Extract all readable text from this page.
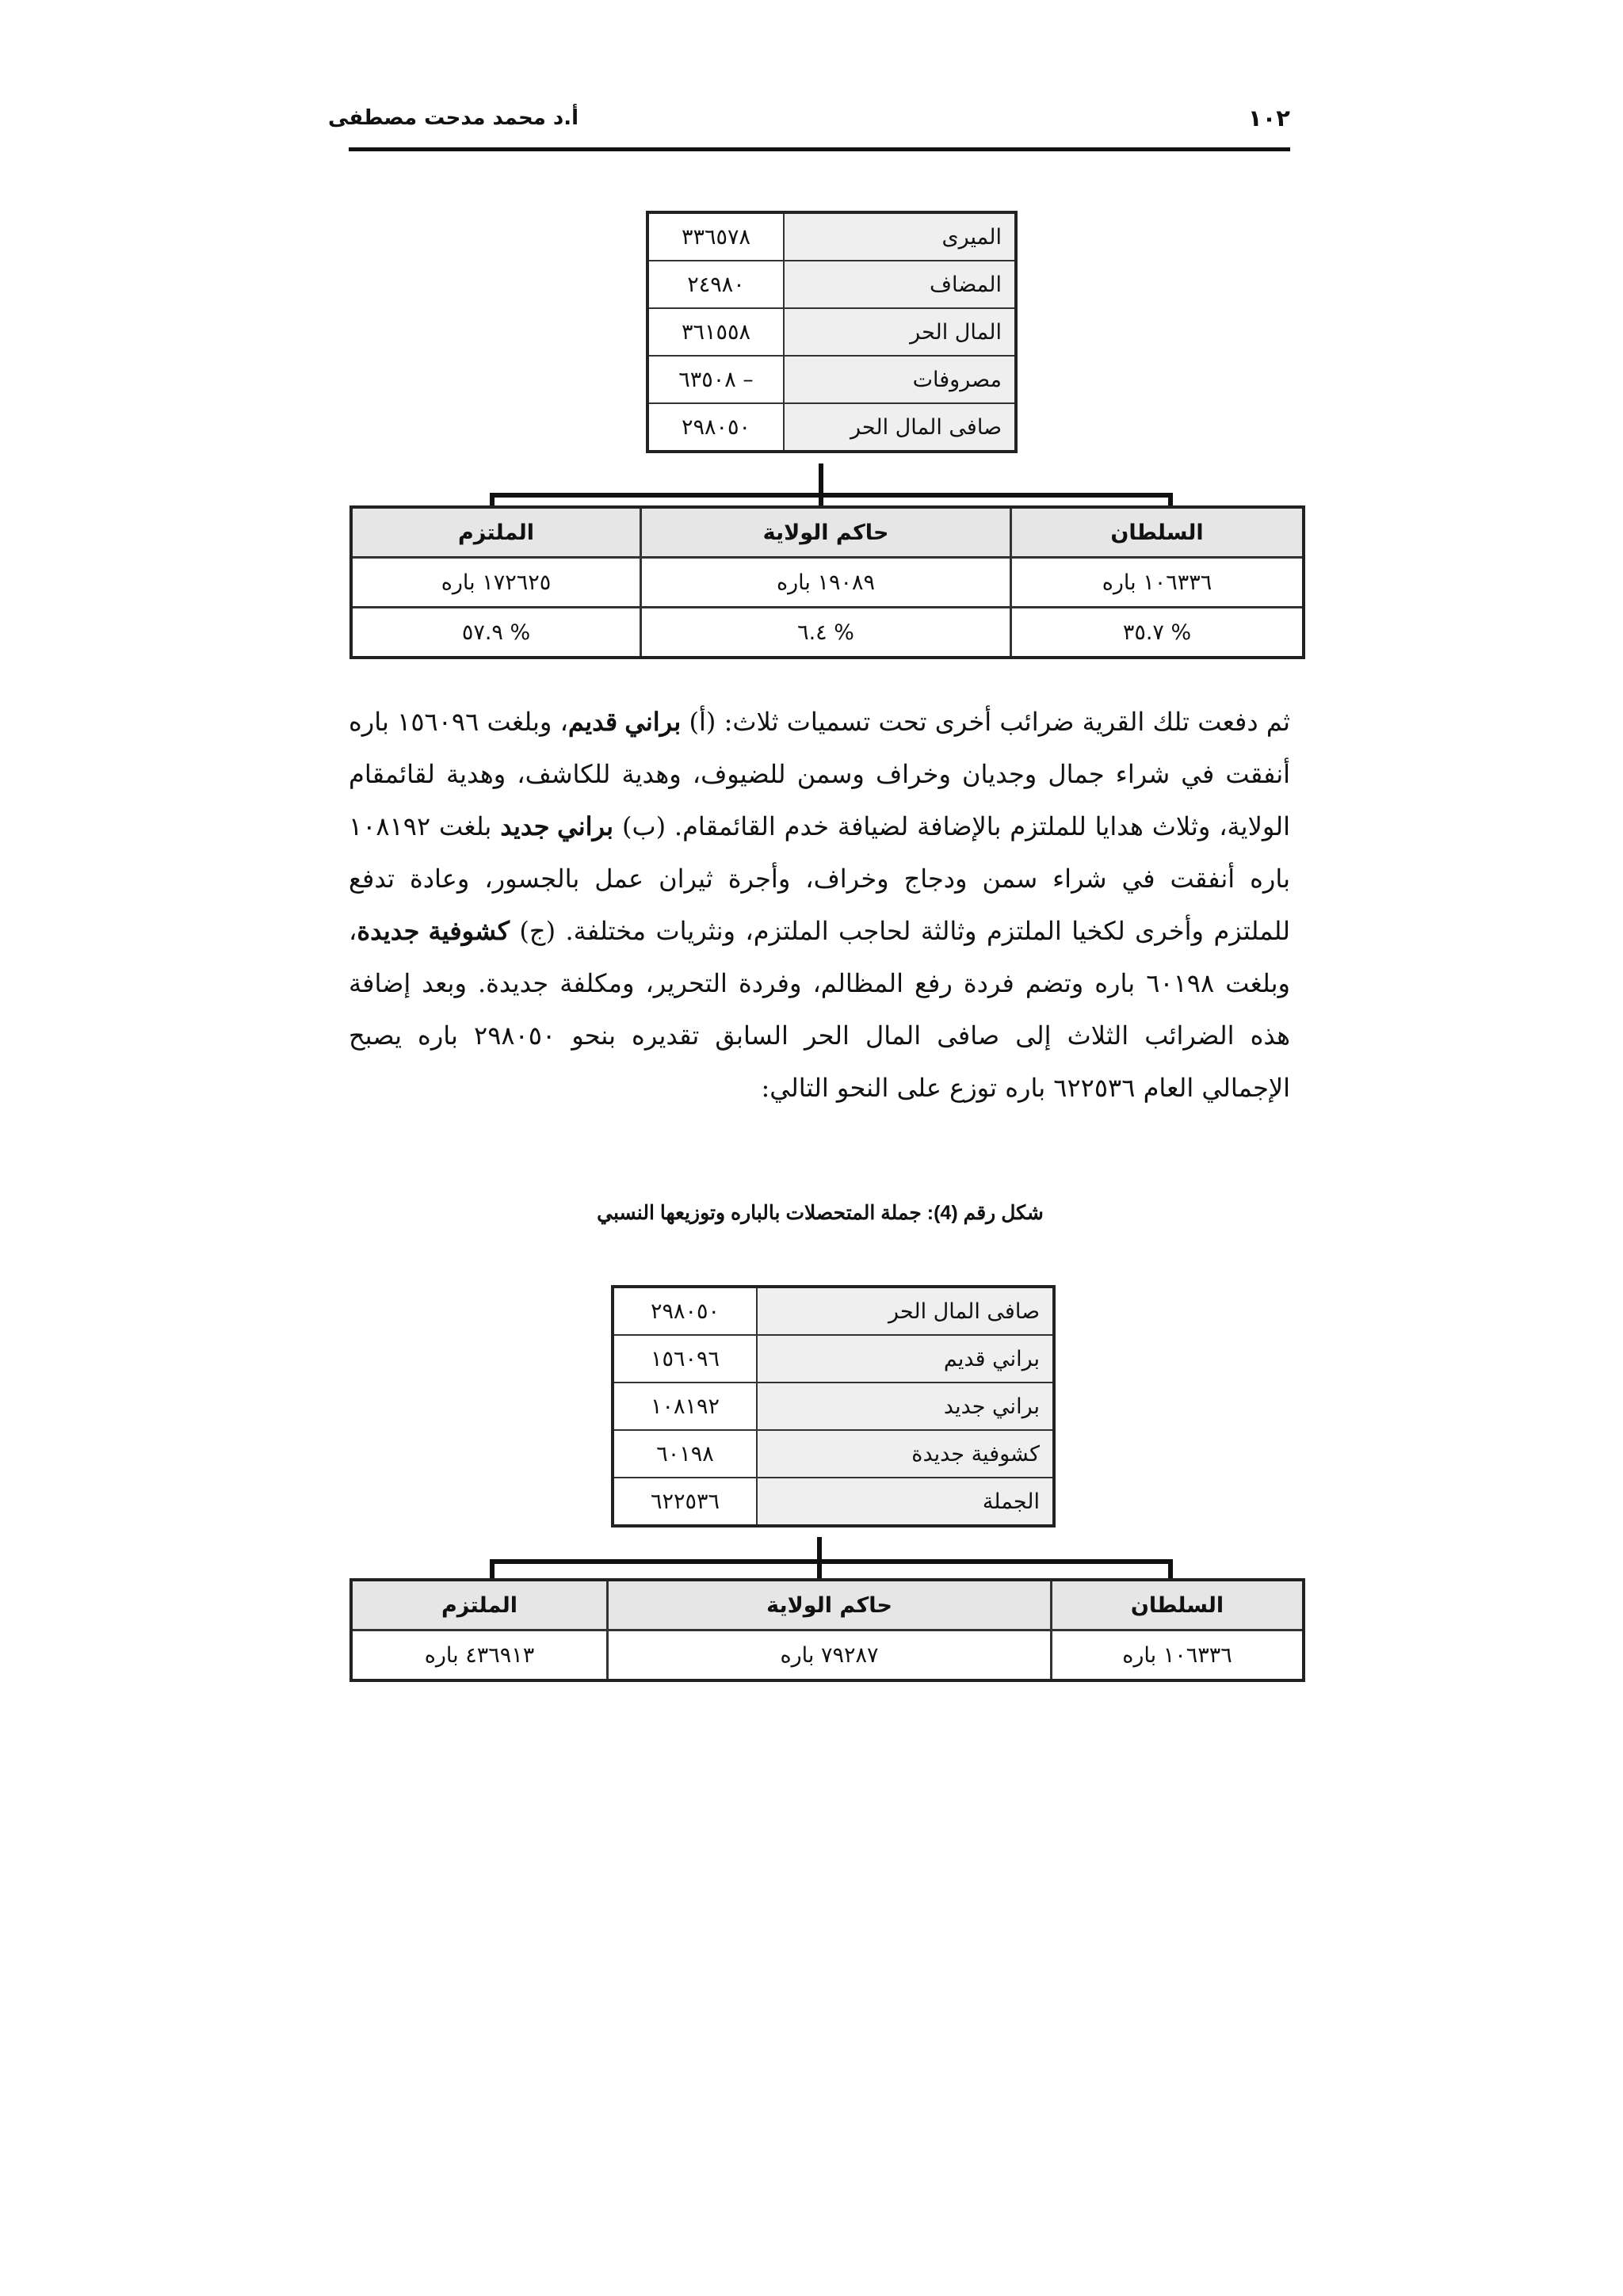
١٠٢
أ.د محمد مدحت مصطفى
الميرى	٣٣٦٥٧٨
المضاف	٢٤٩٨٠
المال الحر	٣٦١٥٥٨
مصروفات	– ٦٣٥٠٨
صافى المال الحر	٢٩٨٠٥٠
السلطان	حاكم الولاية	الملتزم
١٠٦٣٣٦ باره	١٩٠٨٩ باره	١٧٢٦٢٥ باره
% ٣٥.٧	% ٦.٤	% ٥٧.٩
ثم دفعت تلك القرية ضرائب أخرى تحت تسميات ثلاث: (أ) براني قديم، وبلغت ١٥٦٠٩٦ باره أنفقت في شراء جمال وجديان وخراف وسمن للضيوف، وهدية للكاشف، وهدية لقائمقام الولاية، وثلاث هدايا للملتزم بالإضافة لضيافة خدم القائمقام. (ب) براني جديد بلغت ١٠٨١٩٢ باره أنفقت في شراء سمن ودجاج وخراف، وأجرة ثيران عمل بالجسور، وعادة تدفع للملتزم وأخرى لكخيا الملتزم وثالثة لحاجب الملتزم، ونثريات مختلفة. (ج) كشوفية جديدة، وبلغت ٦٠١٩٨ باره وتضم فردة رفع المظالم، وفردة التحرير، ومكلفة جديدة. وبعد إضافة هذه الضرائب الثلاث إلى صافى المال الحر السابق تقديره بنحو ٢٩٨٠٥٠ باره يصبح الإجمالي العام ٦٢٢٥٣٦ باره توزع على النحو التالي:
شكل رقم (4): جملة المتحصلات بالباره وتوزيعها النسبي
صافى المال الحر	٢٩٨٠٥٠
براني قديم	١٥٦٠٩٦
براني جديد	١٠٨١٩٢
كشوفية جديدة	٦٠١٩٨
الجملة	٦٢٢٥٣٦
السلطان	حاكم الولاية	الملتزم
١٠٦٣٣٦ باره	٧٩٢٨٧ باره	٤٣٦٩١٣ باره
